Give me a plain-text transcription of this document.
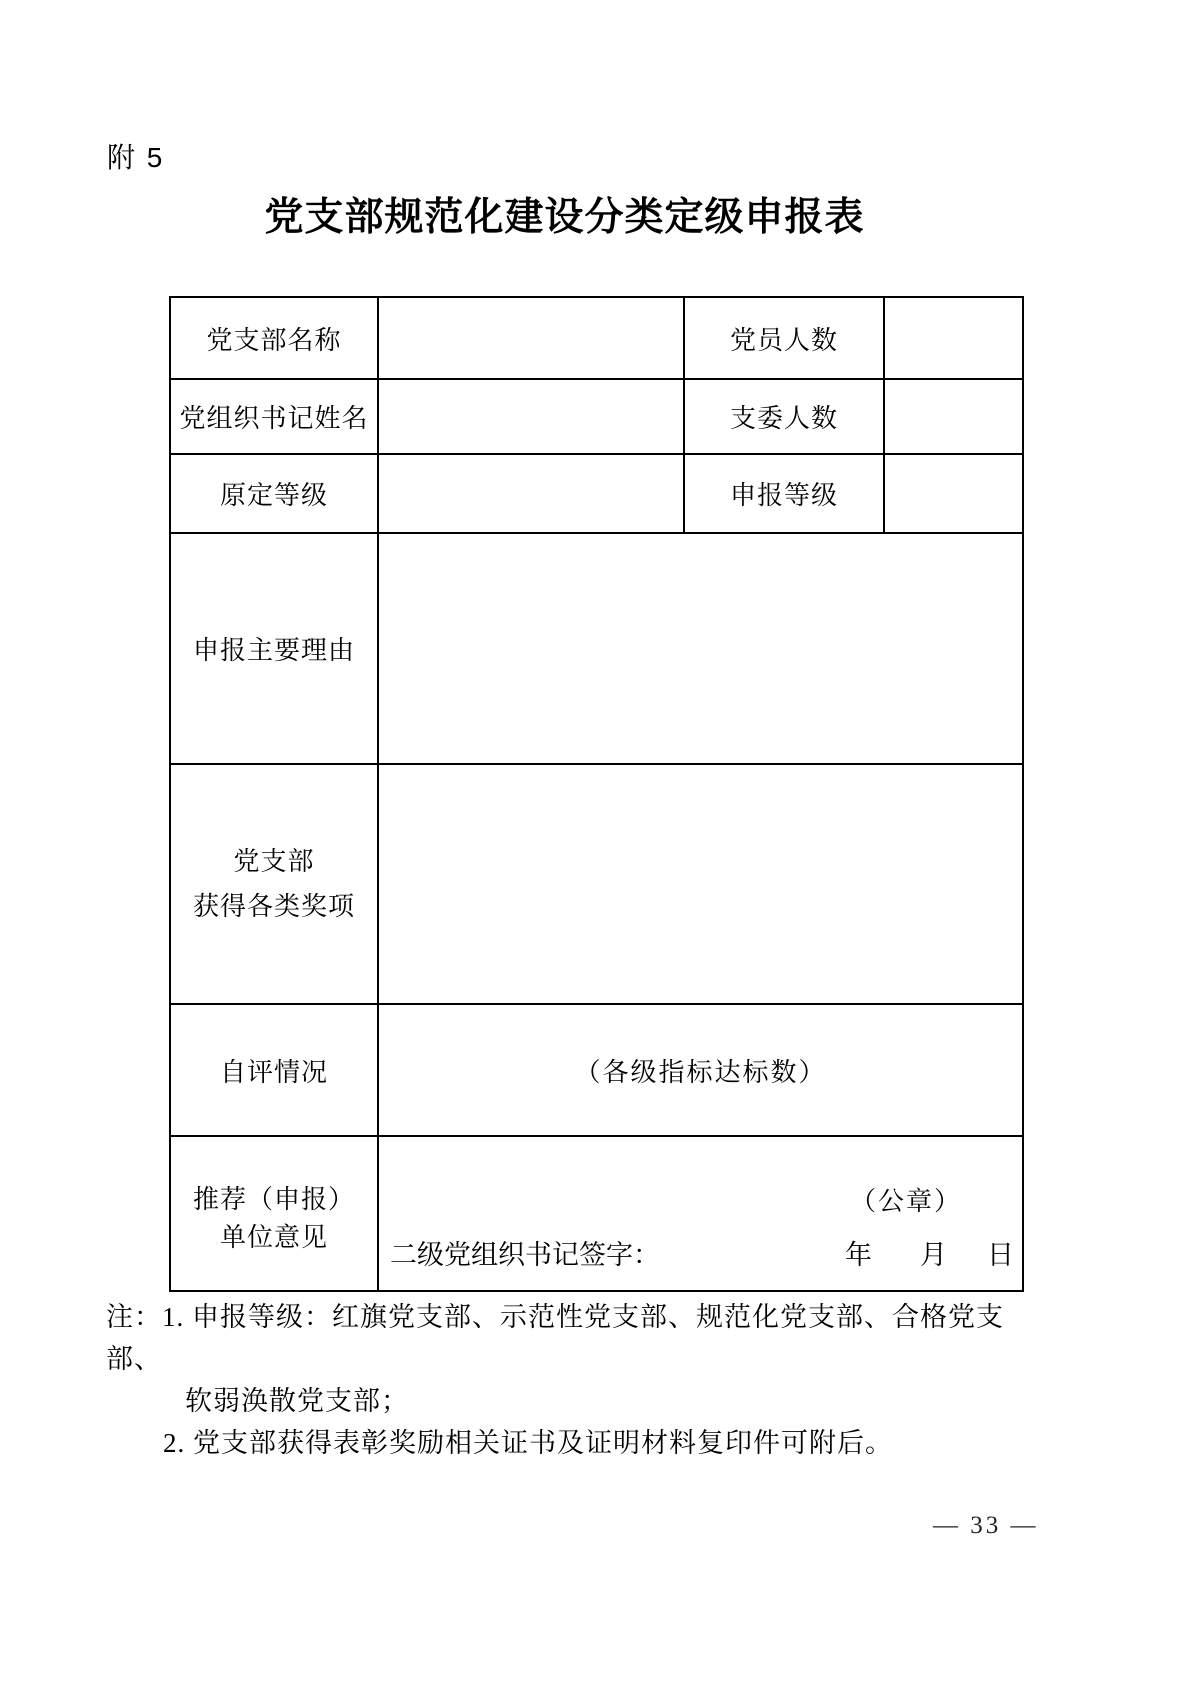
附 5
党支部规范化建设分类定级申报表
党支部名称		党员人数	
党组织书记姓名		支委人数	
原定等级		申报等级	
申报主要理由			

党支部
获得各类奖项			

自评情况	（各级指标达标数）		

推荐（申报）
单位意见

（公章）
二级党组织书记签字：	年 月 日
注：1. 申报等级：红旗党支部、示范性党支部、规范化党支部、合格党支部、
软弱涣散党支部；
2. 党支部获得表彰奖励相关证书及证明材料复印件可附后。
— 33 —
